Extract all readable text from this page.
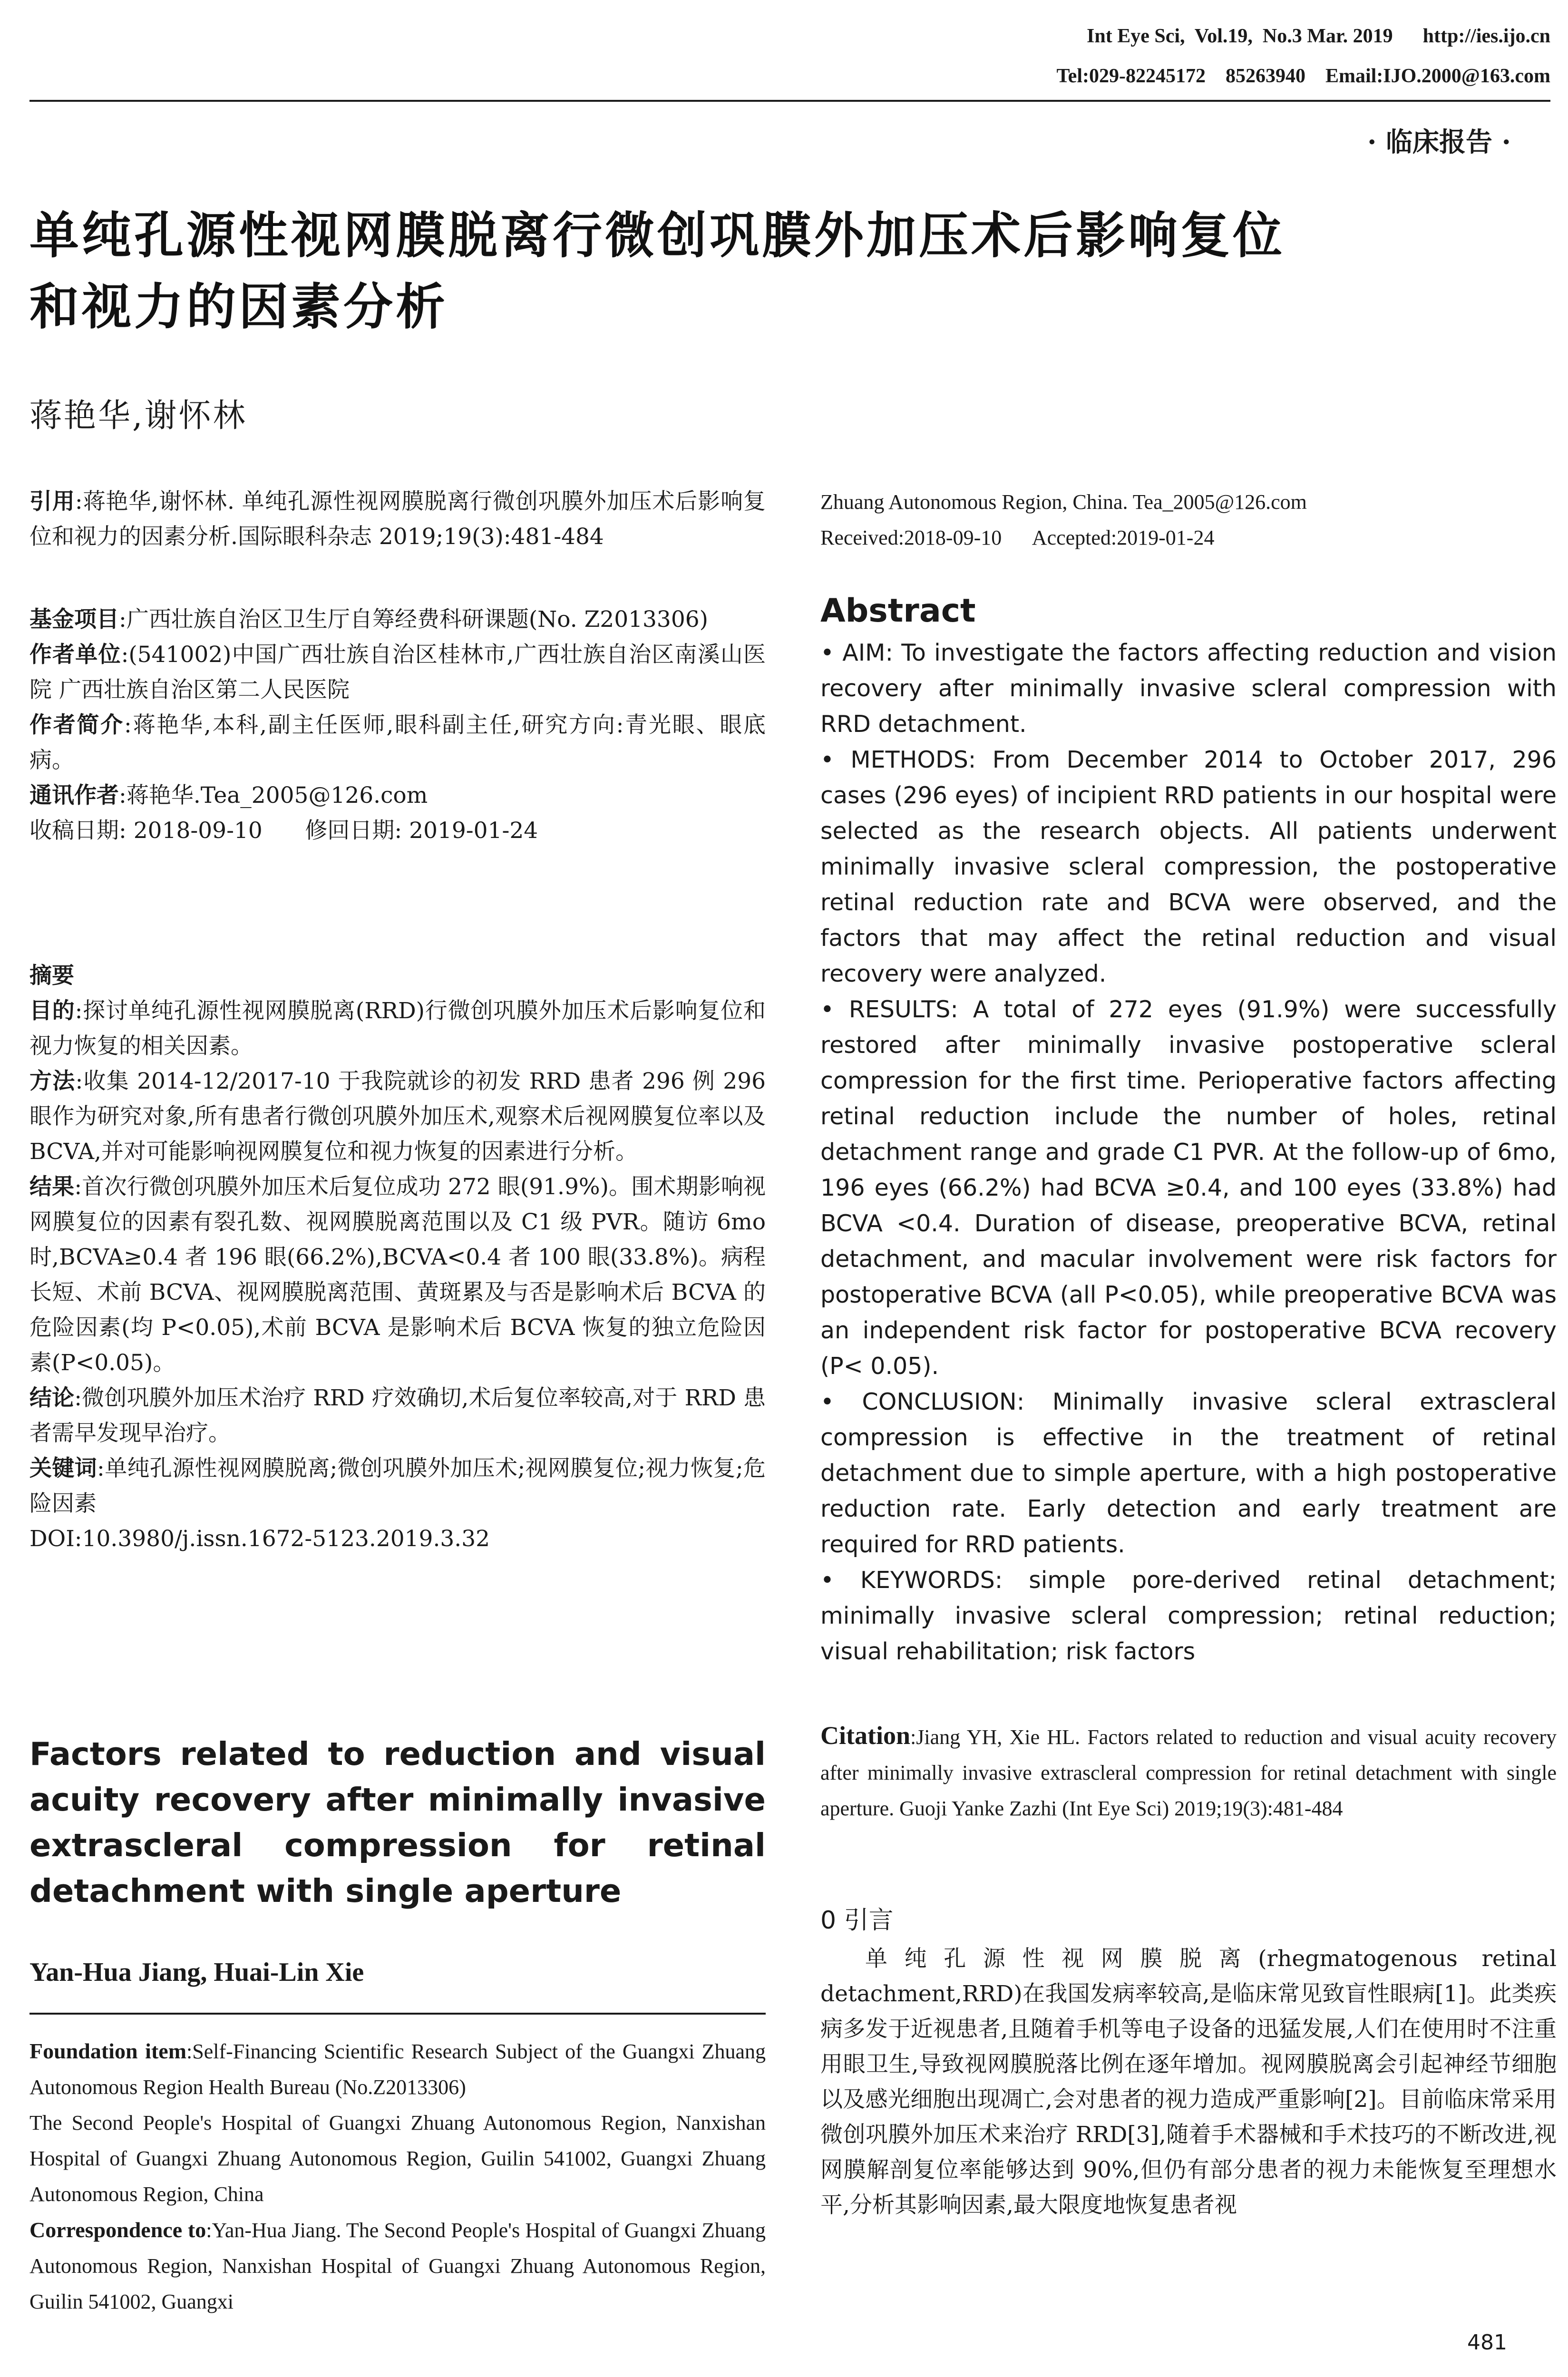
Int Eye Sci,  Vol.19,  No.3 Mar. 2019      http://ies.ijo.cn
Tel:029-82245172    85263940    Email:IJO.2000@163.com
· 临床报告 ·
单纯孔源性视网膜脱离行微创巩膜外加压术后影响复位
和视力的因素分析
蒋艳华,谢怀林

引用:蒋艳华,谢怀林. 单纯孔源性视网膜脱离行微创巩膜外加压术后影响复位和视力的因素分析.国际眼科杂志 2019;19(3):481-484

基金项目:广西壮族自治区卫生厅自筹经费科研课题(No. Z2013306)

作者单位:(541002)中国广西壮族自治区桂林市,广西壮族自治区南溪山医院 广西壮族自治区第二人民医院

作者简介:蒋艳华,本科,副主任医师,眼科副主任,研究方向:青光眼、眼底病。

通讯作者:蒋艳华.Tea_2005@126.com

收稿日期: 2018-09-10      修回日期: 2019-01-24

摘要

目的:探讨单纯孔源性视网膜脱离(RRD)行微创巩膜外加压术后影响复位和视力恢复的相关因素。

方法:收集 2014-12/2017-10 于我院就诊的初发 RRD 患者 296 例 296 眼作为研究对象,所有患者行微创巩膜外加压术,观察术后视网膜复位率以及 BCVA,并对可能影响视网膜复位和视力恢复的因素进行分析。

结果:首次行微创巩膜外加压术后复位成功 272 眼(91.9%)。围术期影响视网膜复位的因素有裂孔数、视网膜脱离范围以及 C1 级 PVR。随访 6mo 时,BCVA≥0.4 者 196 眼(66.2%),BCVA<0.4 者 100 眼(33.8%)。病程长短、术前 BCVA、视网膜脱离范围、黄斑累及与否是影响术后 BCVA 的危险因素(均 P<0.05),术前 BCVA 是影响术后 BCVA 恢复的独立危险因素(P<0.05)。

结论:微创巩膜外加压术治疗 RRD 疗效确切,术后复位率较高,对于 RRD 患者需早发现早治疗。

关键词:单纯孔源性视网膜脱离;微创巩膜外加压术;视网膜复位;视力恢复;危险因素

DOI:10.3980/j.issn.1672-5123.2019.3.32

Factors related to reduction and visual acuity recovery after minimally invasive extrascleral compression for retinal detachment with single aperture
Yan-Hua Jiang, Huai-Lin Xie

Foundation item:Self-Financing Scientific Research Subject of the Guangxi Zhuang Autonomous Region Health Bureau (No.Z2013306)

The Second People's Hospital of Guangxi Zhuang Autonomous Region, Nanxishan Hospital of Guangxi Zhuang Autonomous Region, Guilin 541002, Guangxi Zhuang Autonomous Region, China

Correspondence to:Yan-Hua Jiang. The Second People's Hospital of Guangxi Zhuang Autonomous Region, Nanxishan Hospital of Guangxi Zhuang Autonomous Region, Guilin 541002, Guangxi

Zhuang Autonomous Region, China. Tea_2005@126.com

Received:2018-09-10      Accepted:2019-01-24

Abstract

• AIM: To investigate the factors affecting reduction and vision recovery after minimally invasive scleral compression with RRD detachment.

• METHODS: From December 2014 to October 2017, 296 cases (296 eyes) of incipient RRD patients in our hospital were selected as the research objects. All patients underwent minimally invasive scleral compression, the postoperative retinal reduction rate and BCVA were observed, and the factors that may affect the retinal reduction and visual recovery were analyzed.

• RESULTS: A total of 272 eyes (91.9%) were successfully restored after minimally invasive postoperative scleral compression for the first time. Perioperative factors affecting retinal reduction include the number of holes, retinal detachment range and grade C1 PVR. At the follow-up of 6mo, 196 eyes (66.2%) had BCVA ≥0.4, and 100 eyes (33.8%) had BCVA <0.4. Duration of disease, preoperative BCVA, retinal detachment, and macular involvement were risk factors for postoperative BCVA (all P<0.05), while preoperative BCVA was an independent risk factor for postoperative BCVA recovery (P< 0.05).

• CONCLUSION: Minimally invasive scleral extrascleral compression is effective in the treatment of retinal detachment due to simple aperture, with a high postoperative reduction rate. Early detection and early treatment are required for RRD patients.

• KEYWORDS: simple pore-derived retinal detachment; minimally invasive scleral compression; retinal reduction; visual rehabilitation; risk factors

Citation:Jiang YH, Xie HL. Factors related to reduction and visual acuity recovery after minimally invasive extrascleral compression for retinal detachment with single aperture. Guoji Yanke Zazhi (Int Eye Sci) 2019;19(3):481-484

0 引言
单纯孔源性视网膜脱离(rhegmatogenous retinal detachment,RRD)在我国发病率较高,是临床常见致盲性眼病[1]。此类疾病多发于近视患者,且随着手机等电子设备的迅猛发展,人们在使用时不注重用眼卫生,导致视网膜脱落比例在逐年增加。视网膜脱离会引起神经节细胞以及感光细胞出现凋亡,会对患者的视力造成严重影响[2]。目前临床常采用微创巩膜外加压术来治疗 RRD[3],随着手术器械和手术技巧的不断改进,视网膜解剖复位率能够达到 90%,但仍有部分患者的视力未能恢复至理想水平,分析其影响因素,最大限度地恢复患者视
481
